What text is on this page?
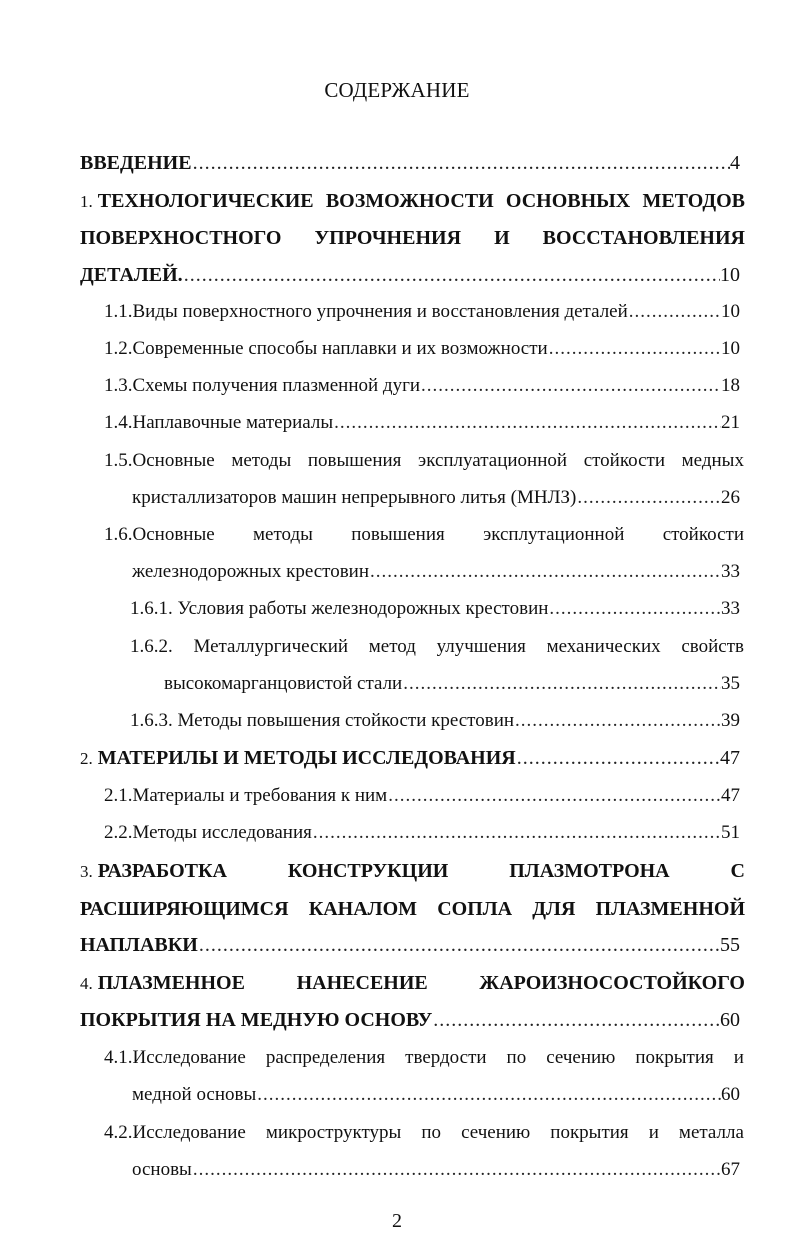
СОДЕРЖАНИЕ
ВВЕДЕНИЕ .....	4
1. ТЕХНОЛОГИЧЕСКИЕ ВОЗМОЖНОСТИ ОСНОВНЫХ МЕТОДОВ
ПОВЕРХНОСТНОГО УПРОЧНЕНИЯ И ВОССТАНОВЛЕНИЯ
ДЕТАЛЕЙ. .....	10
1.1.Виды поверхностного упрочнения и восстановления деталей .....	10
1.2.Современные способы наплавки и их возможности .....	10
1.3.Схемы получения плазменной дуги .....	18
1.4.Наплавочные материалы .....	21
1.5.Основные методы повышения эксплуатационной стойкости медных
кристаллизаторов машин непрерывного литья (МНЛЗ) .....	26
1.6.Основные методы повышения эксплутационной стойкости
железнодорожных крестовин .....	33
1.6.1. Условия работы железнодорожных крестовин .....	33
1.6.2. Металлургический метод улучшения механических свойств
высокомарганцовистой стали .....	35
1.6.3. Методы повышения стойкости крестовин .....	39
2. МАТЕРИЛЫ И МЕТОДЫ ИССЛЕДОВАНИЯ .....	47
2.1.Материалы и требования к ним .....	47
2.2.Методы исследования .....	51
3. РАЗРАБОТКА	КОНСТРУКЦИИ	ПЛАЗМОТРОНА	С
РАСШИРЯЮЩИМСЯ КАНАЛОМ СОПЛА ДЛЯ ПЛАЗМЕННОЙ
НАПЛАВКИ .....	55
4. ПЛАЗМЕННОЕ	НАНЕСЕНИЕ	ЖАРОИЗНОСОСТОЙКОГО
ПОКРЫТИЯ НА МЕДНУЮ ОСНОВУ .....	60
4.1.Исследование распределения твердости по сечению покрытия и
медной основы .....	60
4.2.Исследование микроструктуры по сечению покрытия и металла
основы .....	67
2
